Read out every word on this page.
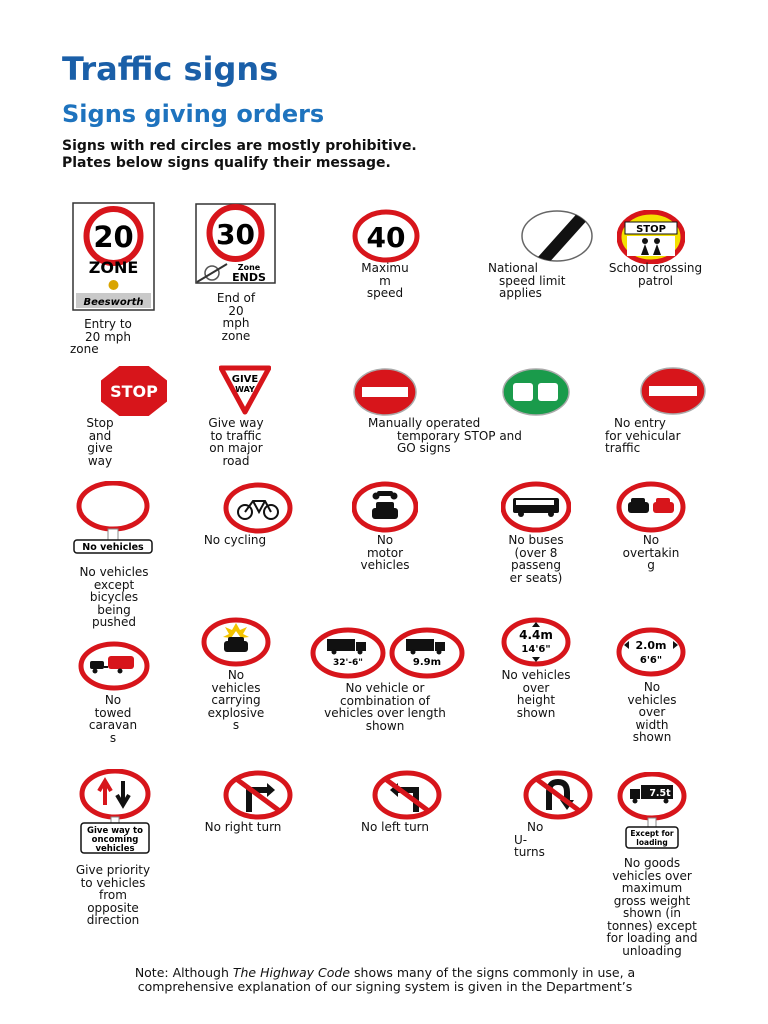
Traffic signs
Signs giving orders
Signs with red circles are mostly prohibitive.
Plates below signs qualify their message.
20
ZONE
Beesworth
Entry to
20 mph
zone
30
Zone
ENDS
End of
20
mph
zone
40
Maximu
m
speed
National
speed limit
applies
STOP
School crossing
patrol
STOP
Stop
and
give
way
GIVE
WAY
Give way
to traffic
on major
road
Manually operated
temporary STOP and
GO signs
No entry
for vehicular
traffic
No vehicles
No vehicles
except
bicycles
being
pushed
No cycling	No
motor
vehicles
No buses
(over 8
passeng
er seats)
No
overtakin
g
No
towed
caravan
s
No
vehicles
carrying
explosive
s
32'-6"	9.9m
No vehicle or
combination of
vehicles over length
shown
4.4m
14'6"
No vehicles
over
height
shown
2.0m
6'6"
No
vehicles
over
width
shown
Give way to
oncoming
vehicles
Give priority
to vehicles
from
opposite
direction
No right turn	No left turn	No
U-
turns
7.5t
Except for
loading
No goods
vehicles over
maximum
gross weight
shown (in
tonnes) except
for loading and
unloading
Note: Although The Highway Code shows many of the signs commonly in use, a
comprehensive explanation of our signing system is given in the Department’s
